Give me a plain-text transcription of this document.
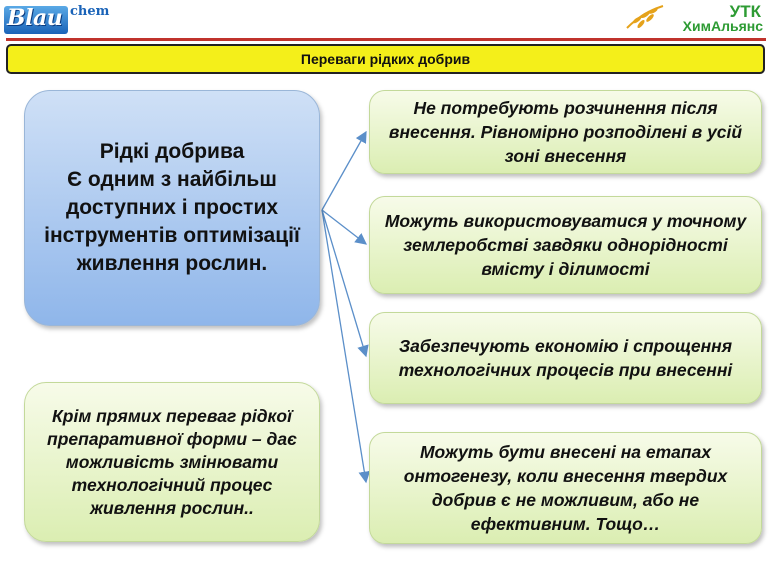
Blau chem	УТК
ХимАльянс
Переваги рідких добрив
Рідкі добрива
Є одним з найбільш доступних і простих інструментів оптимізації живлення рослин.
Не потребують розчинення після внесення. Рівномірно розподілені в усій зоні внесення
Можуть використовуватися у точному землеробстві завдяки однорідності вмісту і ділимості
Забезпечують економію і спрощення технологічних процесів при внесенні
Можуть бути внесені на етапах онтогенезу, коли внесення твердих добрив є не можливим, або не ефективним. Тощо…
Крім прямих переваг рідкої препаративної форми – дає можливість змінювати технологічний процес живлення рослин..
